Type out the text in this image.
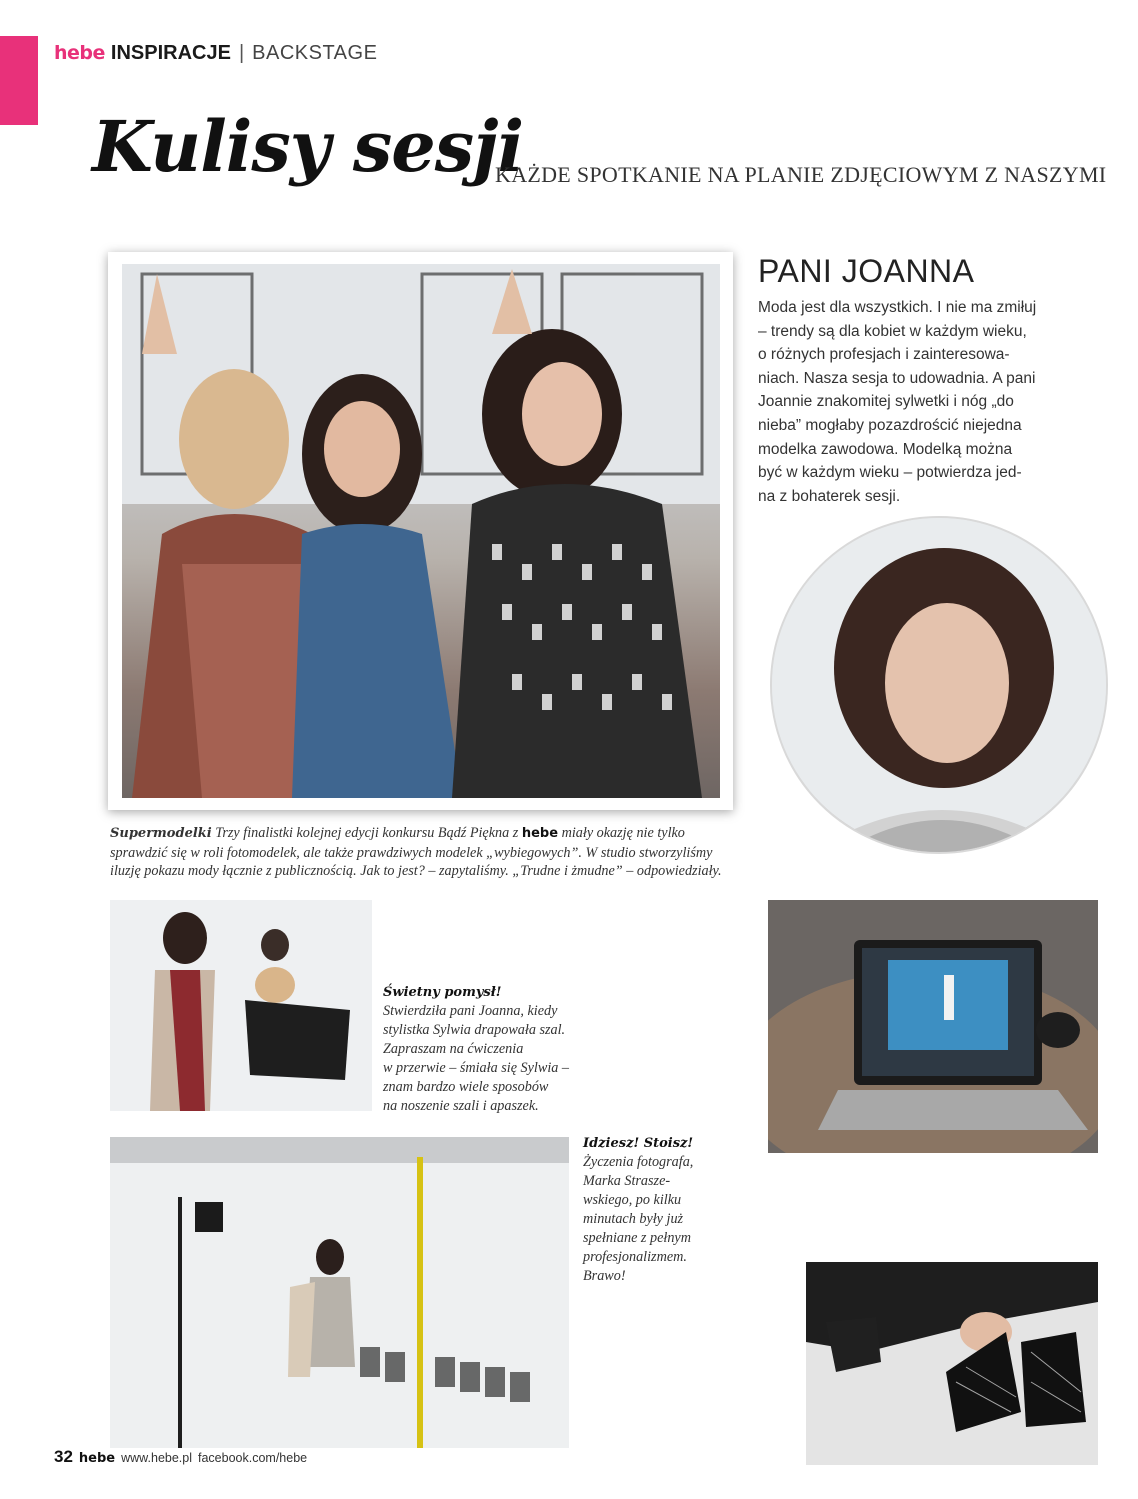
hebe INSPIRACJE | BACKSTAGE
Kulisy sesji
KAŻDE SPOTKANIE NA PLANIE ZDJĘCIOWYM Z NASZYMI
PANI JOANNA
Moda jest dla wszystkich. I nie ma zmiłuj
– trendy są dla kobiet w każdym wieku,
o różnych profesjach i zainteresowa-
niach. Nasza sesja to udowadnia. A pani
Joannie znakomitej sylwetki i nóg „do
nieba” mogłaby pozazdrościć niejedna
modelka zawodowa. Modelką można
być w każdym wieku – potwierdza jed-
na z bohaterek sesji.
Supermodelki Trzy finalistki kolejnej edycji konkursu Bądź Piękna z hebe miały okazję nie tylko
sprawdzić się w roli fotomodelek, ale także prawdziwych modelek „wybiegowych”. W studio stworzyliśmy
iluzję pokazu mody łącznie z publicznością. Jak to jest? – zapytaliśmy. „Trudne i żmudne” – odpowiedziały.
Świetny pomysł!
Stwierdziła pani Joanna, kiedy
stylistka Sylwia drapowała szal.
Zapraszam na ćwiczenia
w przerwie – śmiała się Sylwia –
znam bardzo wiele sposobów
na noszenie szali i apaszek.
Idziesz! Stoisz!
Życzenia fotografa,
Marka Strasze-
wskiego, po kilku
minutach były już
spełniane z pełnym
profesjonalizmem.
Brawo!
32 hebe www.hebe.pl facebook.com/hebe
